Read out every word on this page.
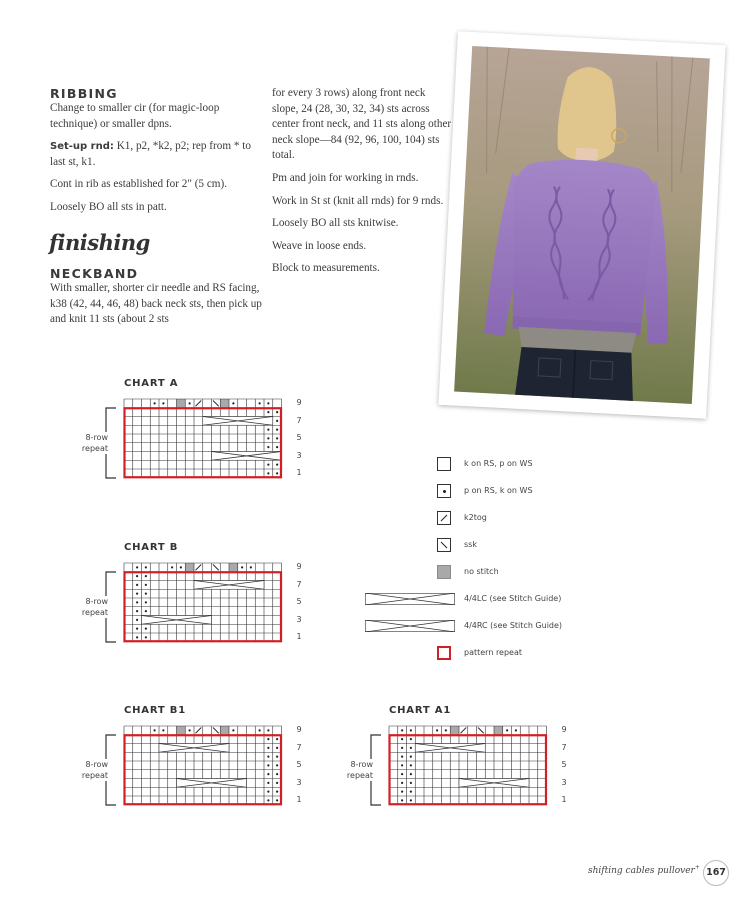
RIBBING

Change to smaller cir (for magic-loop technique) or smaller dpns.

Set-up rnd: K1, p2, *k2, p2; rep from * to last st, k1.

Cont in rib as established for 2" (5 cm).

Loosely BO all sts in patt.

finishing
NECKBAND

With smaller, shorter cir needle and RS facing, k38 (42, 44, 46, 48) back neck sts, then pick up and knit 11 sts (about 2 sts

for every 3 rows) along front neck slope, 24 (28, 30, 32, 34) sts across center front neck, and 11 sts along other neck slope—84 (92, 96, 100, 104) sts total.

Pm and join for working in rnds.

Work in St st (knit all rnds) for 9 rnds.

Loosely BO all sts knitwise.

Weave in loose ends.

Block to measurements.

CHART A
9
7
5
3
1
8-row repeat
CHART B
9
7
5
3
1
8-row repeat
CHART B1
9
7
5
3
1
8-row repeat
CHART A1
9
7
5
3
1
8-row repeat
k on RS, p on WS
p on RS, k on WS
k2tog
ssk
no stitch
4/4LC (see Stitch Guide)
4/4RC (see Stitch Guide)
pattern repeat
shifting cables pullover+ 167
